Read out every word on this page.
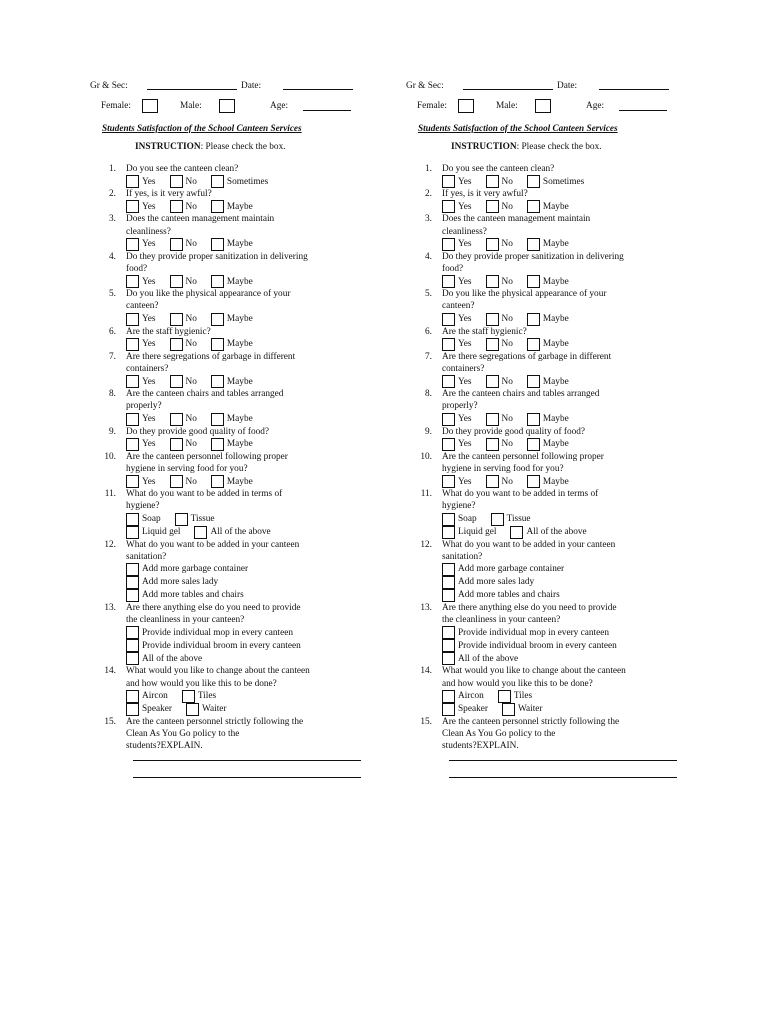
Gr & Sec:	Date:
Female:	Male:	Age:
Students Satisfaction of the School Canteen Services
INSTRUCTION: Please check the box.
1.	Do you see the canteen clean?
Yes	No	Sometimes
2.	If yes, is it very awful?
Yes	No	Maybe
3.	Does the canteen management maintain
cleanliness?
Yes	No	Maybe
4.	Do they provide proper sanitization in delivering
food?
Yes	No	Maybe
5.	Do you like the physical appearance of your
canteen?
Yes	No	Maybe
6.	Are the staff hygienic?
Yes	No	Maybe
7.	Are there segregations of garbage in different
containers?
Yes	No	Maybe
8.	Are the canteen chairs and tables arranged
properly?
Yes	No	Maybe
9.	Do they provide good quality of food?
Yes	No	Maybe
10.	Are the canteen personnel following proper
hygiene in serving food for you?
Yes	No	Maybe
11.	What do you want to be added in terms of
hygiene?
Soap	Tissue
Liquid gel	All of the above
12.	What do you want to be added in your canteen
sanitation?
Add more garbage container
Add more sales lady
Add more tables and chairs
13.	Are there anything else do you need to provide
the cleanliness in your canteen?
Provide individual mop in every canteen
Provide individual broom in every canteen
All of the above
14.	What would you like to change about the canteen
and how would you like this to be done?
Aircon	Tiles
Speaker	Waiter
15.	Are the canteen personnel strictly following the
Clean As You Go policy to the
students?EXPLAIN.
Gr & Sec:	Date:
Female:	Male:	Age:
Students Satisfaction of the School Canteen Services
INSTRUCTION: Please check the box.
1.	Do you see the canteen clean?
Yes	No	Sometimes
2.	If yes, is it very awful?
Yes	No	Maybe
3.	Does the canteen management maintain
cleanliness?
Yes	No	Maybe
4.	Do they provide proper sanitization in delivering
food?
Yes	No	Maybe
5.	Do you like the physical appearance of your
canteen?
Yes	No	Maybe
6.	Are the staff hygienic?
Yes	No	Maybe
7.	Are there segregations of garbage in different
containers?
Yes	No	Maybe
8.	Are the canteen chairs and tables arranged
properly?
Yes	No	Maybe
9.	Do they provide good quality of food?
Yes	No	Maybe
10.	Are the canteen personnel following proper
hygiene in serving food for you?
Yes	No	Maybe
11.	What do you want to be added in terms of
hygiene?
Soap	Tissue
Liquid gel	All of the above
12.	What do you want to be added in your canteen
sanitation?
Add more garbage container
Add more sales lady
Add more tables and chairs
13.	Are there anything else do you need to provide
the cleanliness in your canteen?
Provide individual mop in every canteen
Provide individual broom in every canteen
All of the above
14.	What would you like to change about the canteen
and how would you like this to be done?
Aircon	Tiles
Speaker	Waiter
15.	Are the canteen personnel strictly following the
Clean As You Go policy to the
students?EXPLAIN.
